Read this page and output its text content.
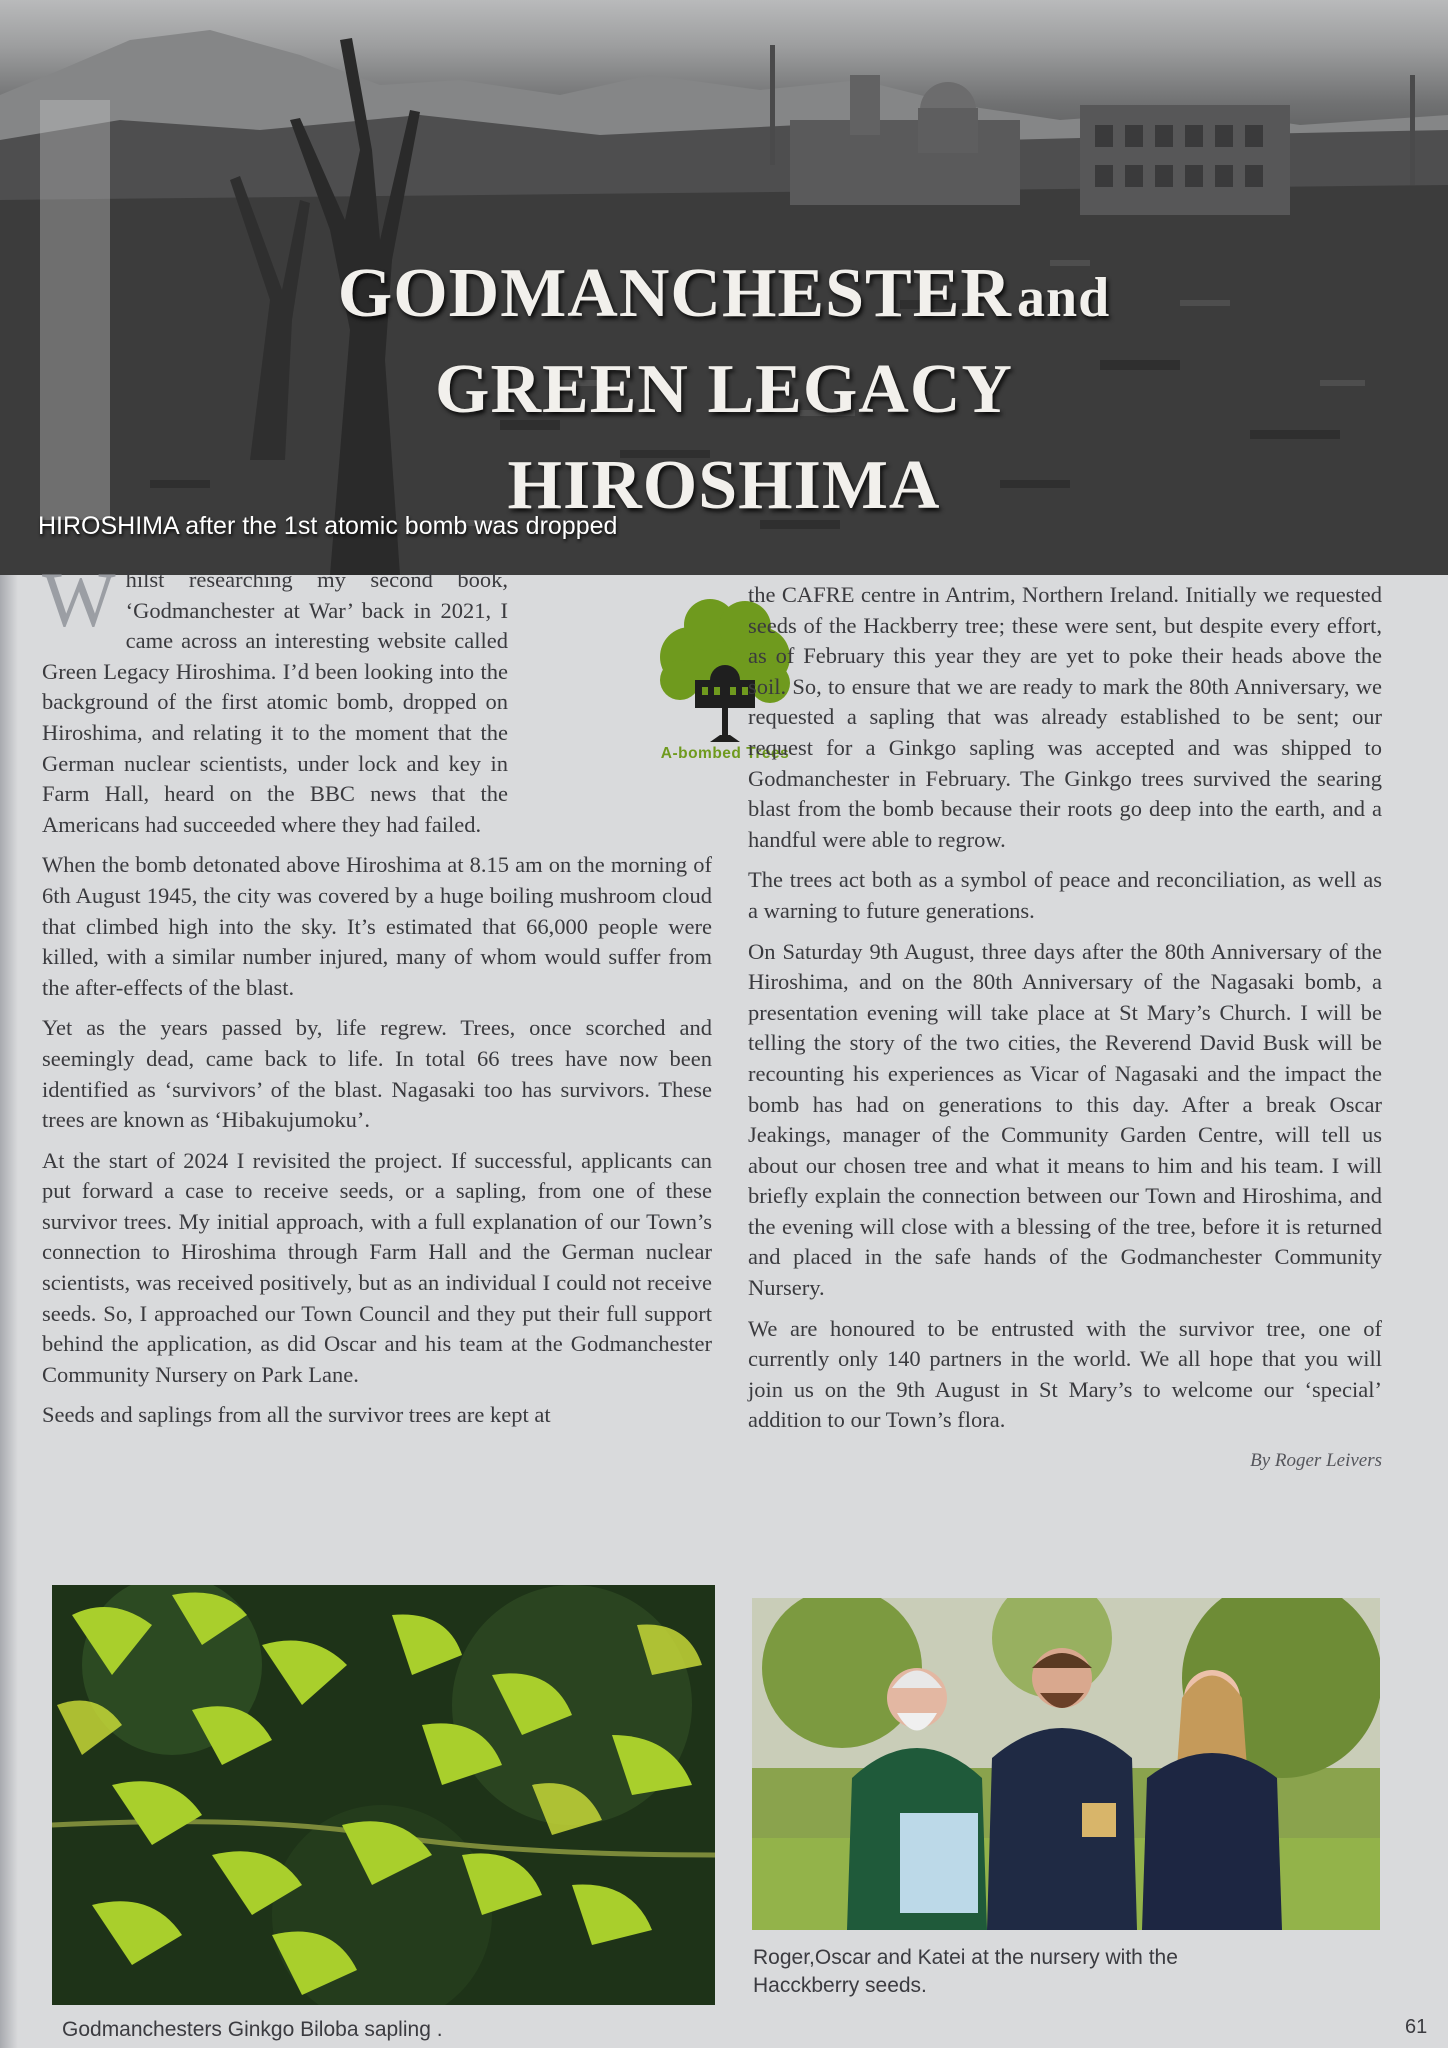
GODMANCHESTER and
GREEN LEGACY
HIROSHIMA
HIROSHIMA after the 1st atomic bomb was dropped
A-bombed Trees

Whilst researching my second book, ‘Godmanchester at War’ back in 2021, I came across an interesting website called Green Legacy Hiroshima. I’d been looking into the background of the first atomic bomb, dropped on Hiroshima, and relating it to the moment that the German nuclear scientists, under lock and key in Farm Hall, heard on the BBC news that the Americans had succeeded where they had failed.

When the bomb detonated above Hiroshima at 8.15 am on the morning of 6th August 1945, the city was covered by a huge boiling mushroom cloud that climbed high into the sky. It’s estimated that 66,000 people were killed, with a similar number injured, many of whom would suffer from the after-effects of the blast.

Yet as the years passed by, life regrew. Trees, once scorched and seemingly dead, came back to life. In total 66 trees have now been identified as ‘survivors’ of the blast. Nagasaki too has survivors. These trees are known as ‘Hibakujumoku’.

At the start of 2024 I revisited the project. If successful, applicants can put forward a case to receive seeds, or a sapling, from one of these survivor trees. My initial approach, with a full explanation of our Town’s connection to Hiroshima through Farm Hall and the German nuclear scientists, was received positively, but as an individual I could not receive seeds. So, I approached our Town Council and they put their full support behind the application, as did Oscar and his team at the Godmanchester Community Nursery on Park Lane.

Seeds and saplings from all the survivor trees are kept at

the CAFRE centre in Antrim, Northern Ireland. Initially we requested seeds of the Hackberry tree; these were sent, but despite every effort, as of February this year they are yet to poke their heads above the soil. So, to ensure that we are ready to mark the 80th Anniversary, we requested a sapling that was already established to be sent; our request for a Ginkgo sapling was accepted and was shipped to Godmanchester in February. The Ginkgo trees survived the searing blast from the bomb because their roots go deep into the earth, and a handful were able to regrow.

The trees act both as a symbol of peace and reconciliation, as well as a warning to future generations.

On Saturday 9th August, three days after the 80th Anniversary of the Hiroshima, and on the 80th Anniversary of the Nagasaki bomb, a presentation evening will take place at St Mary’s Church. I will be telling the story of the two cities, the Reverend David Busk will be recounting his experiences as Vicar of Nagasaki and the impact the bomb has had on generations to this day. After a break Oscar Jeakings, manager of the Community Garden Centre, will tell us about our chosen tree and what it means to him and his team. I will briefly explain the connection between our Town and Hiroshima, and the evening will close with a blessing of the tree, before it is returned and placed in the safe hands of the Godmanchester Community Nursery.

We are honoured to be entrusted with the survivor tree, one of currently only 140 partners in the world. We all hope that you will join us on the 9th August in St Mary’s to welcome our ‘special’ addition to our Town’s flora.

By Roger Leivers
Godmanchesters Ginkgo Biloba sapling .
Roger,Oscar and Katei at the nursery with the
Hacckberry seeds.
61
